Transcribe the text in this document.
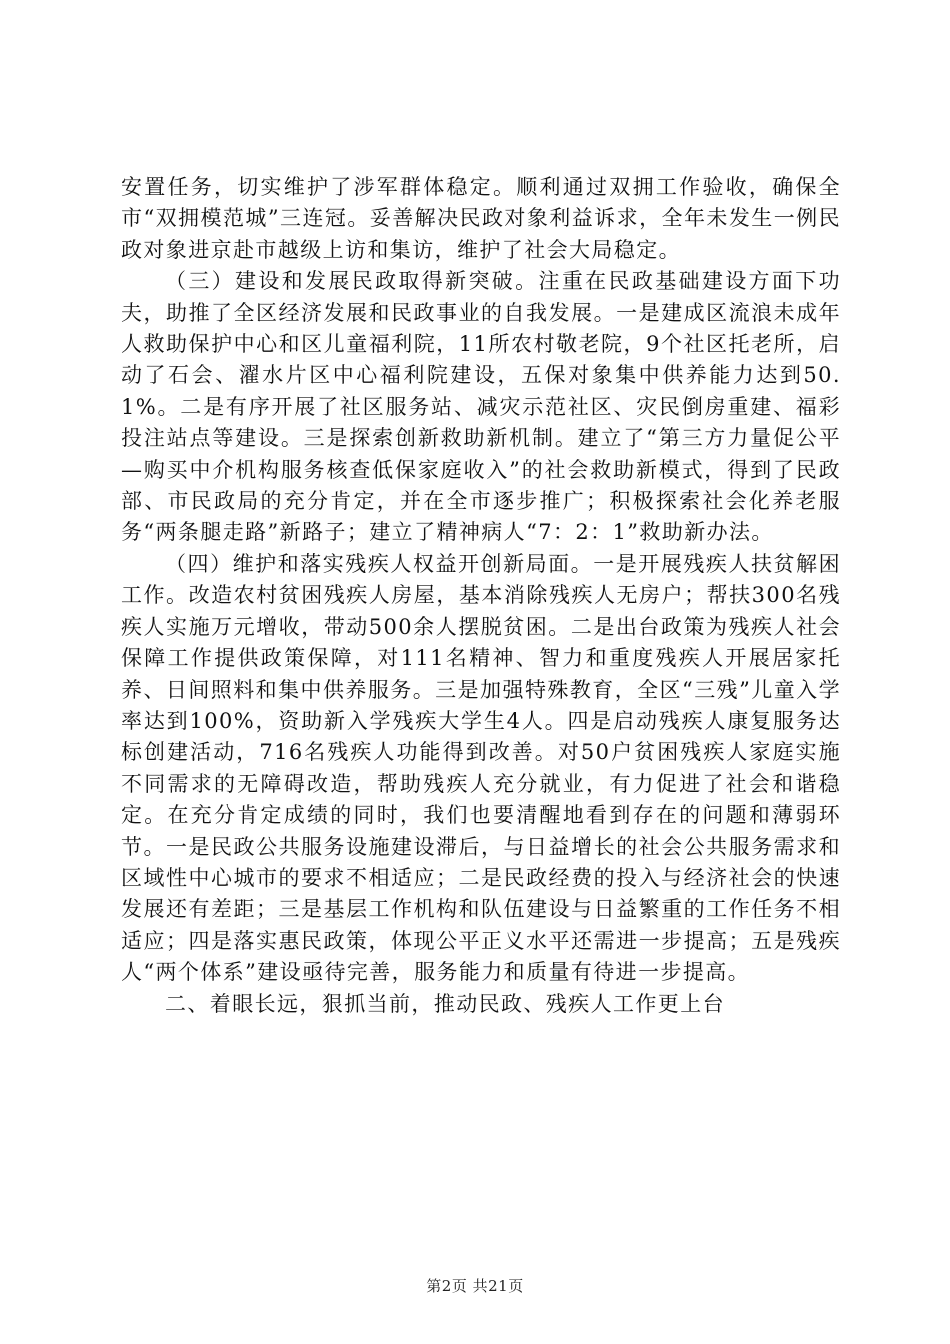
安置任务，切实维护了涉军群体稳定。顺利通过双拥工作验收，确保全市“双拥模范城”三连冠。妥善解决民政对象利益诉求，全年未发生一例民政对象进京赴市越级上访和集访，维护了社会大局稳定。

（三）建设和发展民政取得新突破。注重在民政基础建设方面下功夫，助推了全区经济发展和民政事业的自我发展。一是建成区流浪未成年人救助保护中心和区儿童福利院，11所农村敬老院，9个社区托老所，启动了石会、濯水片区中心福利院建设，五保对象集中供养能力达到50.1%。二是有序开展了社区服务站、减灾示范社区、灾民倒房重建、福彩投注站点等建设。三是探索创新救助新机制。建立了“第三方力量促公平—购买中介机构服务核查低保家庭收入”的社会救助新模式，得到了民政部、市民政局的充分肯定，并在全市逐步推广；积极探索社会化养老服务“两条腿走路”新路子；建立了精神病人“7：2：1”救助新办法。

（四）维护和落实残疾人权益开创新局面。一是开展残疾人扶贫解困工作。改造农村贫困残疾人房屋，基本消除残疾人无房户；帮扶300名残疾人实施万元增收，带动500余人摆脱贫困。二是出台政策为残疾人社会保障工作提供政策保障，对111名精神、智力和重度残疾人开展居家托养、日间照料和集中供养服务。三是加强特殊教育，全区“三残”儿童入学率达到100%，资助新入学残疾大学生4人。四是启动残疾人康复服务达标创建活动，716名残疾人功能得到改善。对50户贫困残疾人家庭实施不同需求的无障碍改造，帮助残疾人充分就业，有力促进了社会和谐稳定。在充分肯定成绩的同时，我们也要清醒地看到存在的问题和薄弱环节。一是民政公共服务设施建设滞后，与日益增长的社会公共服务需求和区域性中心城市的要求不相适应；二是民政经费的投入与经济社会的快速发展还有差距；三是基层工作机构和队伍建设与日益繁重的工作任务不相适应；四是落实惠民政策，体现公平正义水平还需进一步提高；五是残疾人“两个体系”建设亟待完善，服务能力和质量有待进一步提高。

二、着眼长远，狠抓当前，推动民政、残疾人工作更上台

第2页 共21页
